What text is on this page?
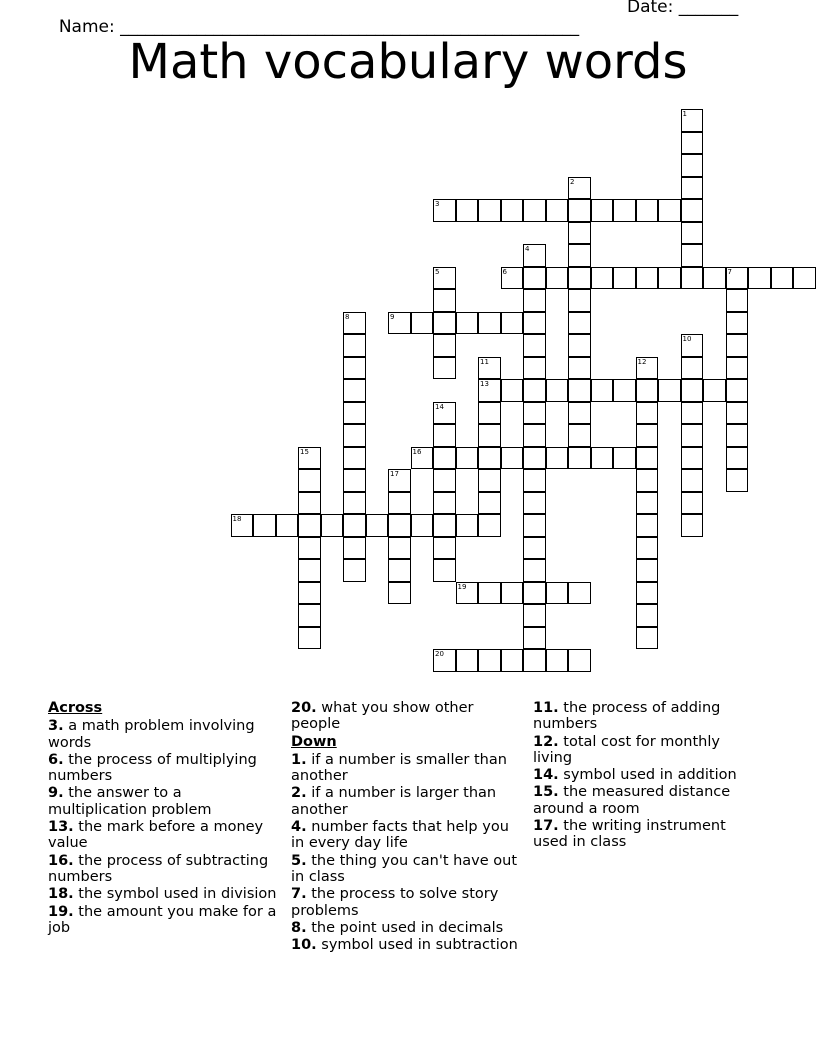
Name: ______________________________________________________

Date: _______

Math vocabulary words
1
2
3
4
5	6	7
8	9
10
11
13
12
14
15	16
17
18
19
20
Across
3. a math problem involving words
6. the process of multiplying numbers
9. the answer to a multiplication problem
13. the mark before a money value
16. the process of subtracting numbers
18. the symbol used in division
19. the amount you make for a job
20. what you show other people
Down
1. if a number is smaller than another
2. if a number is larger than another
4. number facts that help you in every day life
5. the thing you can't have out in class
7. the process to solve story problems
8. the point used in decimals
10. symbol used in subtraction
11. the process of adding numbers
12. total cost for monthly living
14. symbol used in addition
15. the measured distance around a room
17. the writing instrument used in class
